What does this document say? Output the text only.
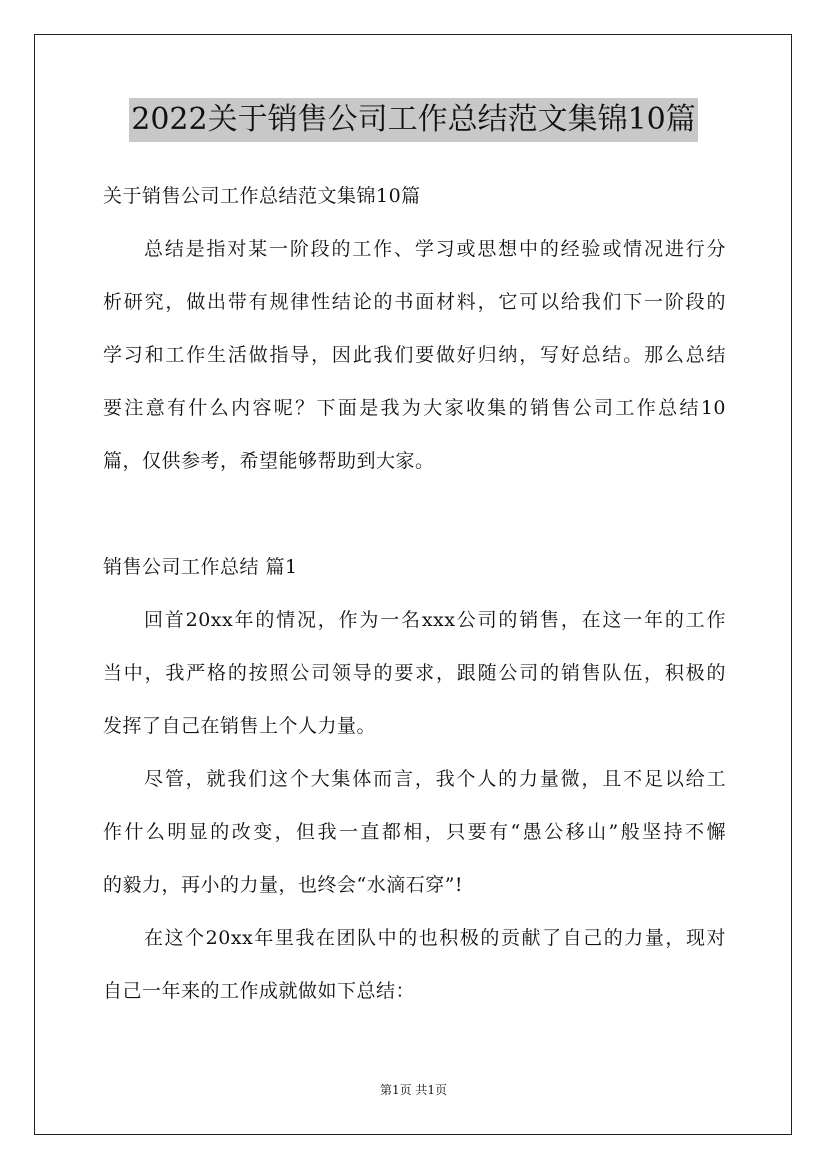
2022关于销售公司工作总结范文集锦10篇
关于销售公司工作总结范文集锦10篇
总结是指对某一阶段的工作、学习或思想中的经验或情况进行分
析研究，做出带有规律性结论的书面材料，它可以给我们下一阶段的
学习和工作生活做指导，因此我们要做好归纳，写好总结。那么总结
要注意有什么内容呢？下面是我为大家收集的销售公司工作总结10
篇，仅供参考，希望能够帮助到大家。
销售公司工作总结 篇1
回首20xx年的情况，作为一名xxx公司的销售，在这一年的工作
当中，我严格的按照公司领导的要求，跟随公司的销售队伍，积极的
发挥了自己在销售上个人力量。
尽管，就我们这个大集体而言，我个人的力量微，且不足以给工
作什么明显的改变，但我一直都相，只要有“愚公移山”般坚持不懈
的毅力，再小的力量，也终会“水滴石穿”!
在这个20xx年里我在团队中的也积极的贡献了自己的力量，现对
自己一年来的工作成就做如下总结：
第1页 共1页
